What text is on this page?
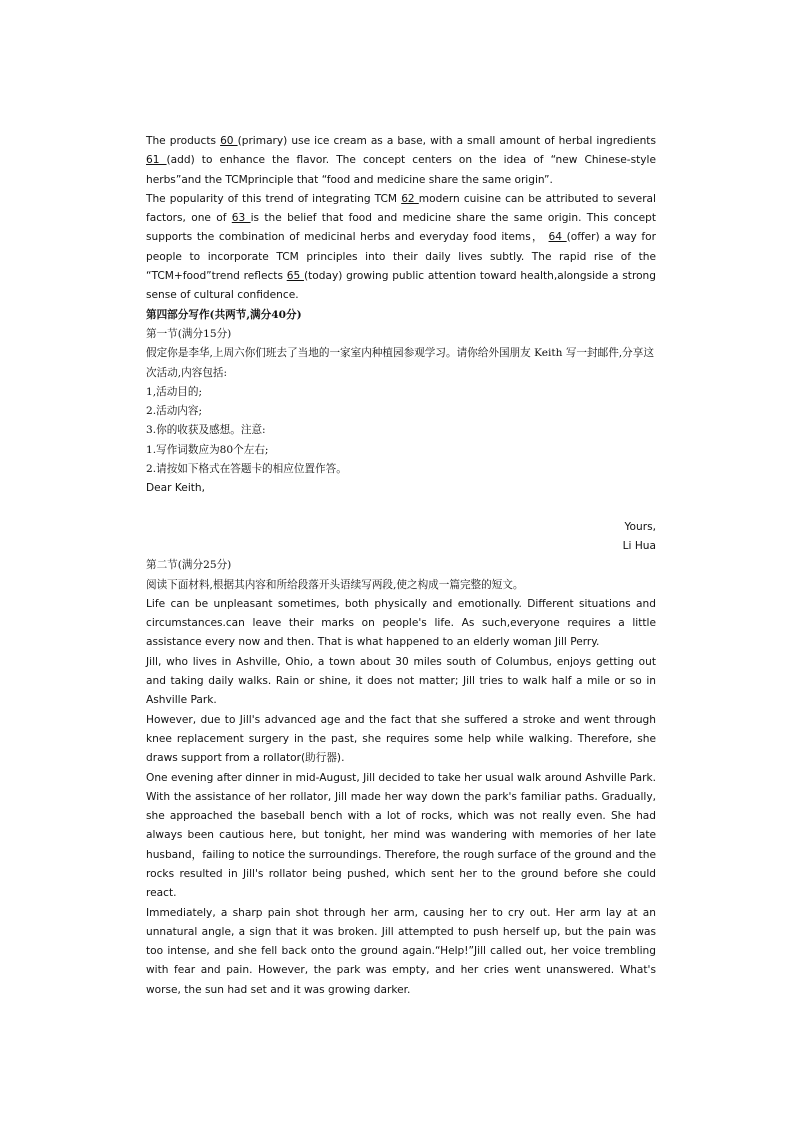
The products 60 (primary) use ice cream as a base, with a small amount of herbal ingredients 61 (add) to enhance the flavor. The concept centers on the idea of “new Chinese-style herbs”and the TCMprinciple that “food and medicine share the same origin”.

The popularity of this trend of integrating TCM 62 modern cuisine can be attributed to several factors, one of 63 is the belief that food and medicine share the same origin. This concept supports the combination of medicinal herbs and everyday food items， 64 (offer) a way for people to incorporate TCM principles into their daily lives subtly. The rapid rise of the “TCM+food”trend reflects 65 (today) growing public attention toward health,alongside a strong sense of cultural confidence.

第四部分写作(共两节,满分40分)

第一节(满分15分)

假定你是李华,上周六你们班去了当地的一家室内种植园参观学习。请你给外国朋友 Keith 写一封邮件,分享这次活动,内容包括:

1,活动目的;

2.活动内容;

3.你的收获及感想。注意:

1.写作词数应为80个左右;

2.请按如下格式在答题卡的相应位置作答。

Dear Keith,

Yours,

Li Hua

第二节(满分25分)

阅读下面材料,根据其内容和所给段落开头语续写两段,使之构成一篇完整的短文。

Life can be unpleasant sometimes, both physically and emotionally. Different situations and circumstances.can leave their marks on people's life. As such,everyone requires a little assistance every now and then. That is what happened to an elderly woman Jill Perry.

Jill, who lives in Ashville, Ohio, a town about 30 miles south of Columbus, enjoys getting out and taking daily walks. Rain or shine, it does not matter; Jill tries to walk half a mile or so in Ashville Park.

However, due to Jill's advanced age and the fact that she suffered a stroke and went through knee replacement surgery in the past, she requires some help while walking. Therefore, she draws support from a rollator(助行器).

One evening after dinner in mid-August, Jill decided to take her usual walk around Ashville Park. With the assistance of her rollator, Jill made her way down the park's familiar paths. Gradually, she approached the baseball bench with a lot of rocks, which was not really even. She had always been cautious here, but tonight, her mind was wandering with memories of her late husband，failing to notice the surroundings. Therefore, the rough surface of the ground and the rocks resulted in Jill's rollator being pushed, which sent her to the ground before she could react.

Immediately, a sharp pain shot through her arm, causing her to cry out. Her arm lay at an unnatural angle, a sign that it was broken. Jill attempted to push herself up, but the pain was too intense, and she fell back onto the ground again.“Help!”Jill called out, her voice trembling with fear and pain. However, the park was empty, and her cries went unanswered. What's worse, the sun had set and it was growing darker.
